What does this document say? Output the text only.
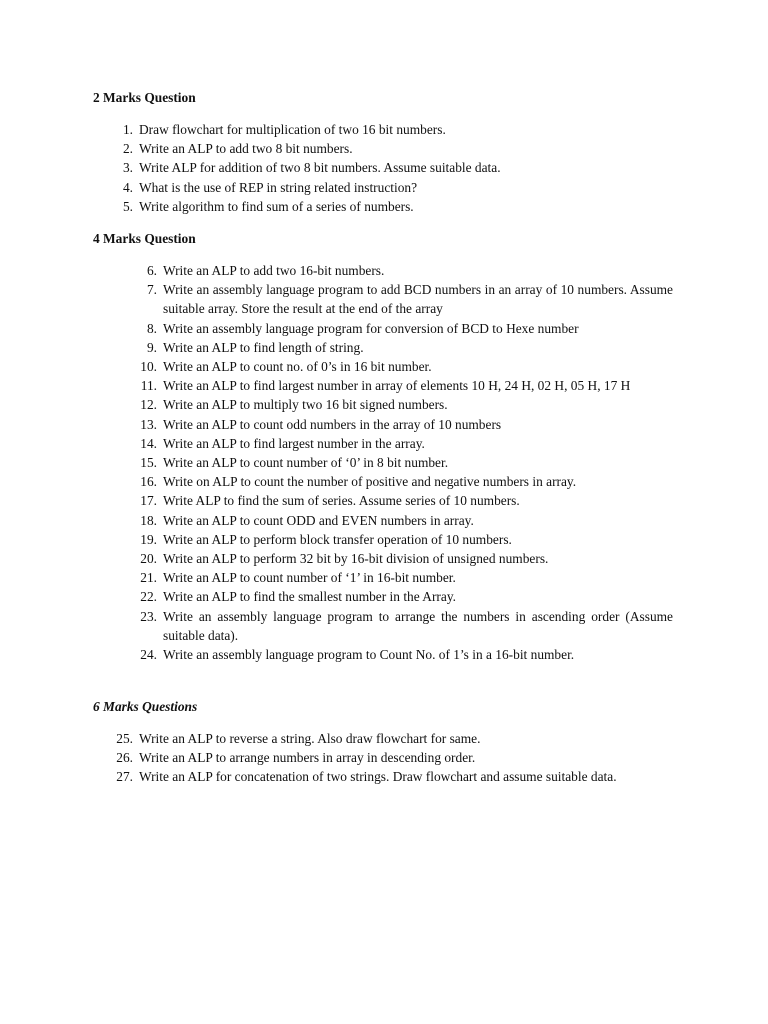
2 Marks Question
1. Draw flowchart for multiplication of two 16 bit numbers.
2. Write an ALP to add two 8 bit numbers.
3. Write ALP for addition of two 8 bit numbers. Assume suitable data.
4. What is the use of REP in string related instruction?
5. Write algorithm to find sum of a series of numbers.
4 Marks Question
6. Write an ALP to add two 16-bit numbers.
7. Write an assembly language program to add BCD numbers in an array of 10 numbers. Assume suitable array. Store the result at the end of the array
8. Write an assembly language program for conversion of BCD to Hexe number
9. Write an ALP to find length of string.
10. Write an ALP to count no. of 0’s in 16 bit number.
11. Write an ALP to find largest number in array of elements 10 H, 24 H, 02 H, 05 H, 17 H
12. Write an ALP to multiply two 16 bit signed numbers.
13. Write an ALP to count odd numbers in the array of 10 numbers
14. Write an ALP to find largest number in the array.
15. Write an ALP to count number of ‘0’ in 8 bit number.
16. Write on ALP to count the number of positive and negative numbers in array.
17. Write ALP to find the sum of series. Assume series of 10 numbers.
18. Write an ALP to count ODD and EVEN numbers in array.
19. Write an ALP to perform block transfer operation of 10 numbers.
20. Write an ALP to perform 32 bit by 16-bit division of unsigned numbers.
21. Write an ALP to count number of ‘1’ in 16-bit number.
22. Write an ALP to find the smallest number in the Array.
23. Write an assembly language program to arrange the numbers in ascending order (Assume suitable data).
24. Write an assembly language program to Count No. of 1’s in a 16-bit number.
6 Marks Questions
25. Write an ALP to reverse a string. Also draw flowchart for same.
26. Write an ALP to arrange numbers in array in descending order.
27. Write an ALP for concatenation of two strings. Draw flowchart and assume suitable data.
